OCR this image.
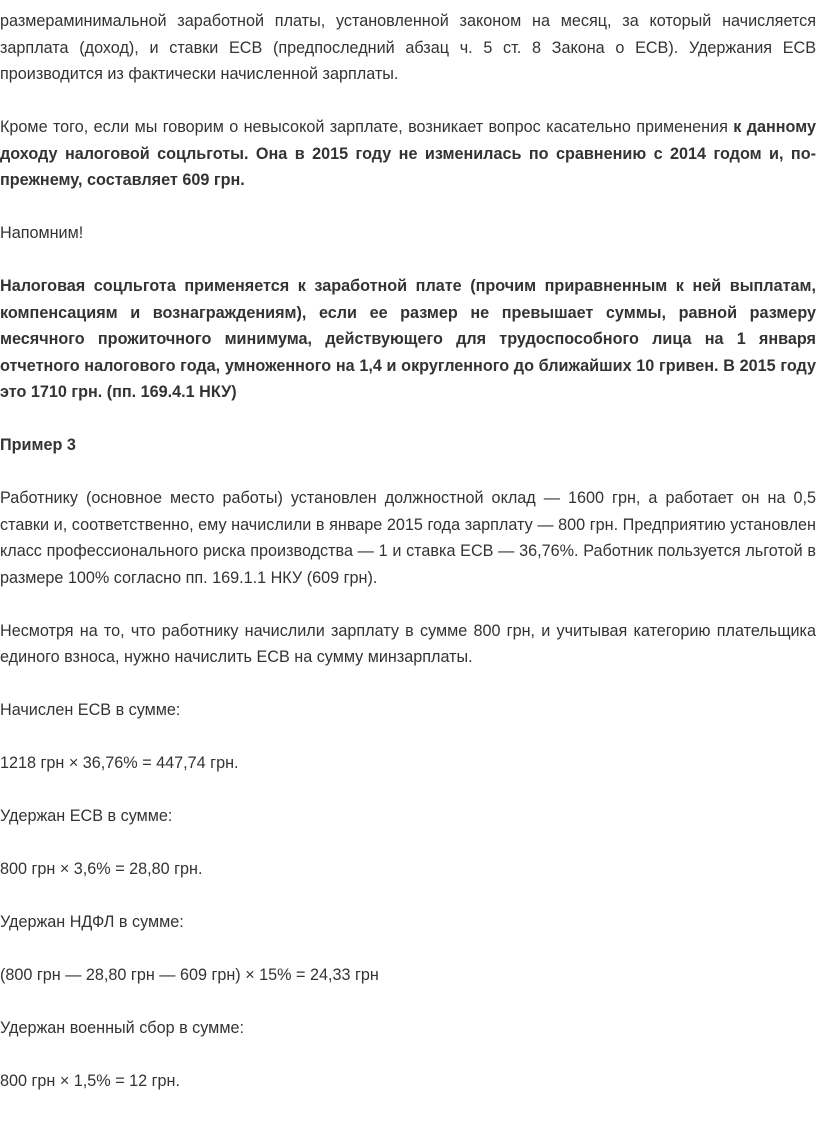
размераминимальной заработной платы, установленной законом на месяц, за который начисляется зарплата (доход), и ставки ЕСВ (предпоследний абзац ч. 5 ст. 8 Закона о ЕСВ). Удержания ЕСВ производится из фактически начисленной зарплаты.

Кроме того, если мы говорим о невысокой зарплате, возникает вопрос касательно применения к данному доходу налоговой соцльготы. Она в 2015 году не изменилась по сравнению с 2014 годом и, по-прежнему, составляет 609 грн.

Напомним!

Налоговая соцльгота применяется к заработной плате (прочим приравненным к ней выплатам, компенсациям и вознаграждениям), если ее размер не превышает суммы, равной размеру месячного прожиточного минимума, действующего для трудоспособного лица на 1 января отчетного налогового года, умноженного на 1,4 и округленного до ближайших 10 гривен. В 2015 году это 1710 грн. (пп. 169.4.1 НКУ)

Пример 3

Работнику (основное место работы) установлен должностной оклад — 1600 грн, а работает он на 0,5 ставки и, соответственно, ему начислили в январе 2015 года зарплату — 800 грн. Предприятию установлен класс профессионального риска производства — 1 и ставка ЕСВ — 36,76%. Работник пользуется льготой в размере 100% согласно пп. 169.1.1 НКУ (609 грн).

Несмотря на то, что работнику начислили зарплату в сумме 800 грн, и учитывая категорию плательщика единого взноса, нужно начислить ЕСВ на сумму минзарплаты.

Начислен ЕСВ в сумме:

1218 грн × 36,76% = 447,74 грн.

Удержан ЕСВ в сумме:

800 грн × 3,6% = 28,80 грн.

Удержан НДФЛ в сумме:

(800 грн — 28,80 грн — 609 грн) × 15% = 24,33 грн

Удержан военный сбор в сумме:

800 грн × 1,5% = 12 грн.
